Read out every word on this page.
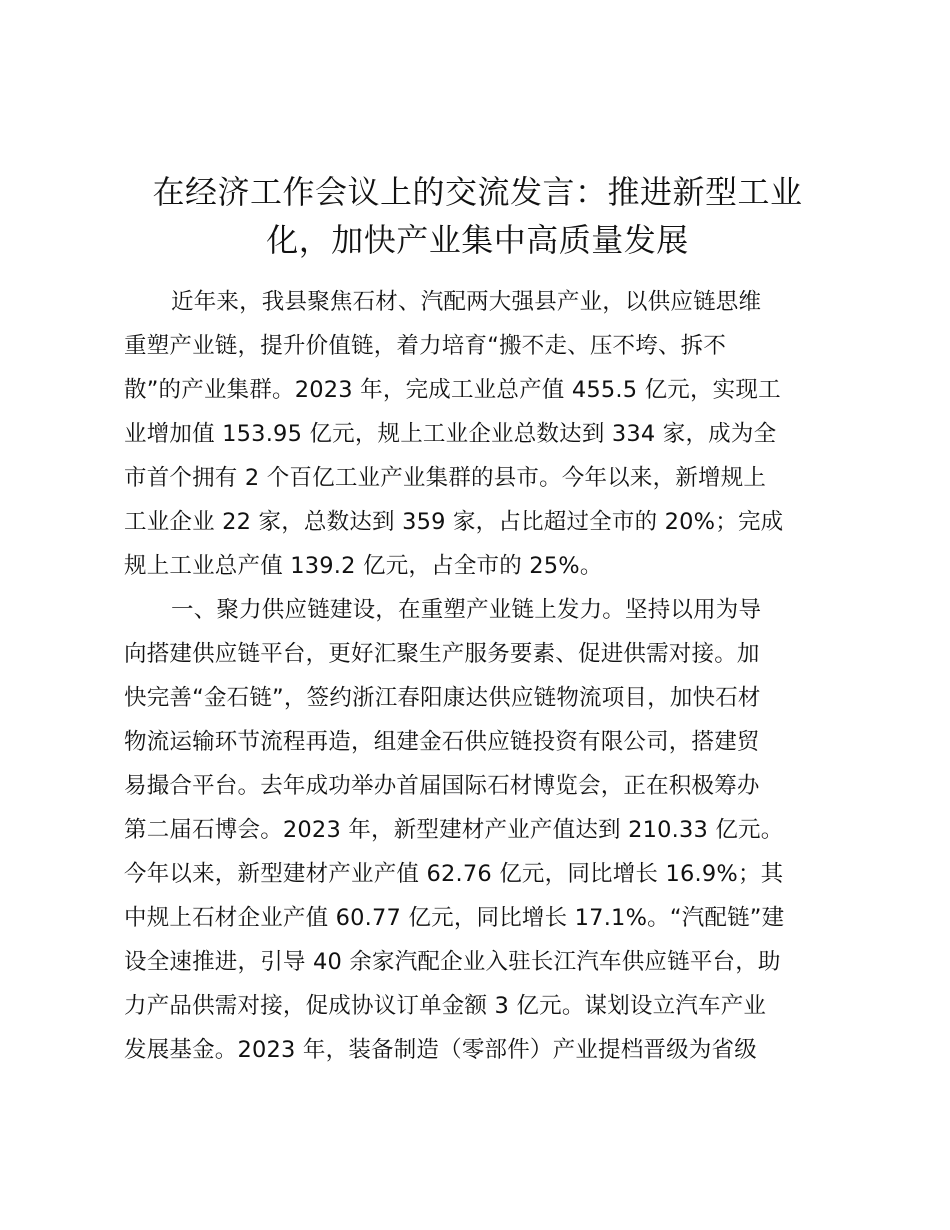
在经济工作会议上的交流发言：推进新型工业
化，加快产业集中高质量发展
近年来，我县聚焦石材、汽配两大强县产业，以供应链思维
重塑产业链，提升价值链，着力培育“搬不走、压不垮、拆不
散”的产业集群。2023 年，完成工业总产值 455.5 亿元，实现工
业增加值 153.95 亿元，规上工业企业总数达到 334 家，成为全
市首个拥有 2 个百亿工业产业集群的县市。今年以来，新增规上
工业企业 22 家，总数达到 359 家，占比超过全市的 20%；完成
规上工业总产值 139.2 亿元，占全市的 25%。
一、聚力供应链建设，在重塑产业链上发力。坚持以用为导
向搭建供应链平台，更好汇聚生产服务要素、促进供需对接。加
快完善“金石链”，签约浙江春阳康达供应链物流项目，加快石材
物流运输环节流程再造，组建金石供应链投资有限公司，搭建贸
易撮合平台。去年成功举办首届国际石材博览会，正在积极筹办
第二届石博会。2023 年，新型建材产业产值达到 210.33 亿元。
今年以来，新型建材产业产值 62.76 亿元，同比增长 16.9%；其
中规上石材企业产值 60.77 亿元，同比增长 17.1%。“汽配链”建
设全速推进，引导 40 余家汽配企业入驻长江汽车供应链平台，助
力产品供需对接，促成协议订单金额 3 亿元。谋划设立汽车产业
发展基金。2023 年，装备制造（零部件）产业提档晋级为省级
